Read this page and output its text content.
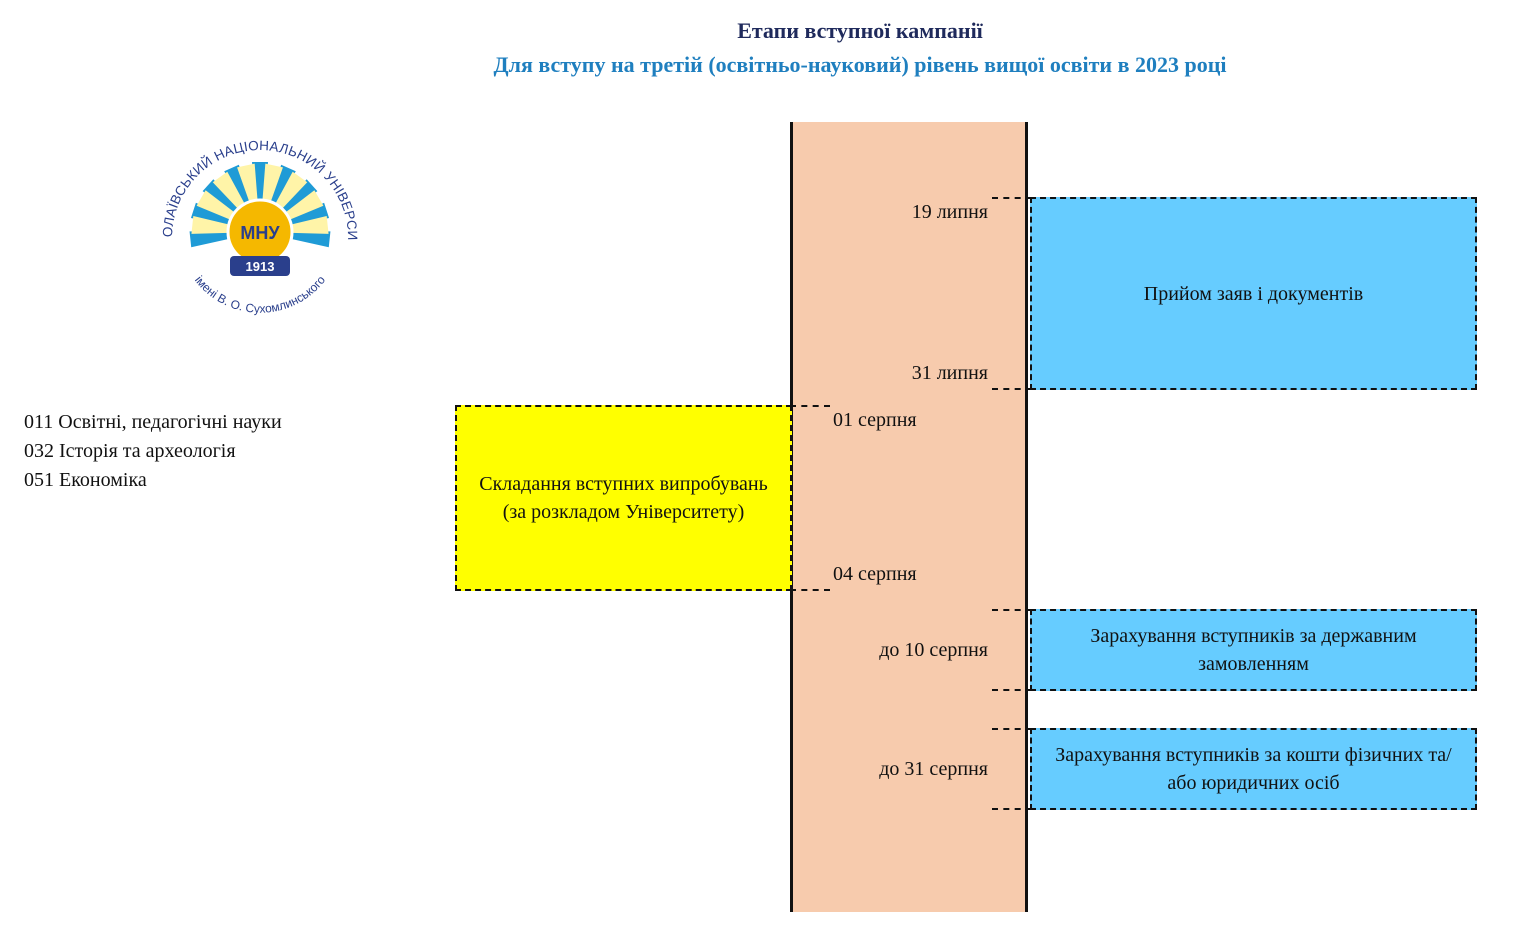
Етапи вступної кампанії
Для вступу на третій (освітньо-науковий) рівень вищої освіти в 2023 році
МНУ
1913
ОЛАЇВСЬКИЙ НАЦІОНАЛЬНИЙ УНІВЕРСИ
імені В. О. Сухомлинського
011 Освітні, педагогічні науки
032 Історія та археологія
051 Економіка
Прийом заяв і документів
19 липня
31 липня
Складання вступних випробувань (за розкладом Університету)
01 серпня
04 серпня
Зарахування вступників за державним замовленням
до 10 серпня
Зарахування вступників за кошти фізичних та/або юридичних осіб
до 31 серпня
